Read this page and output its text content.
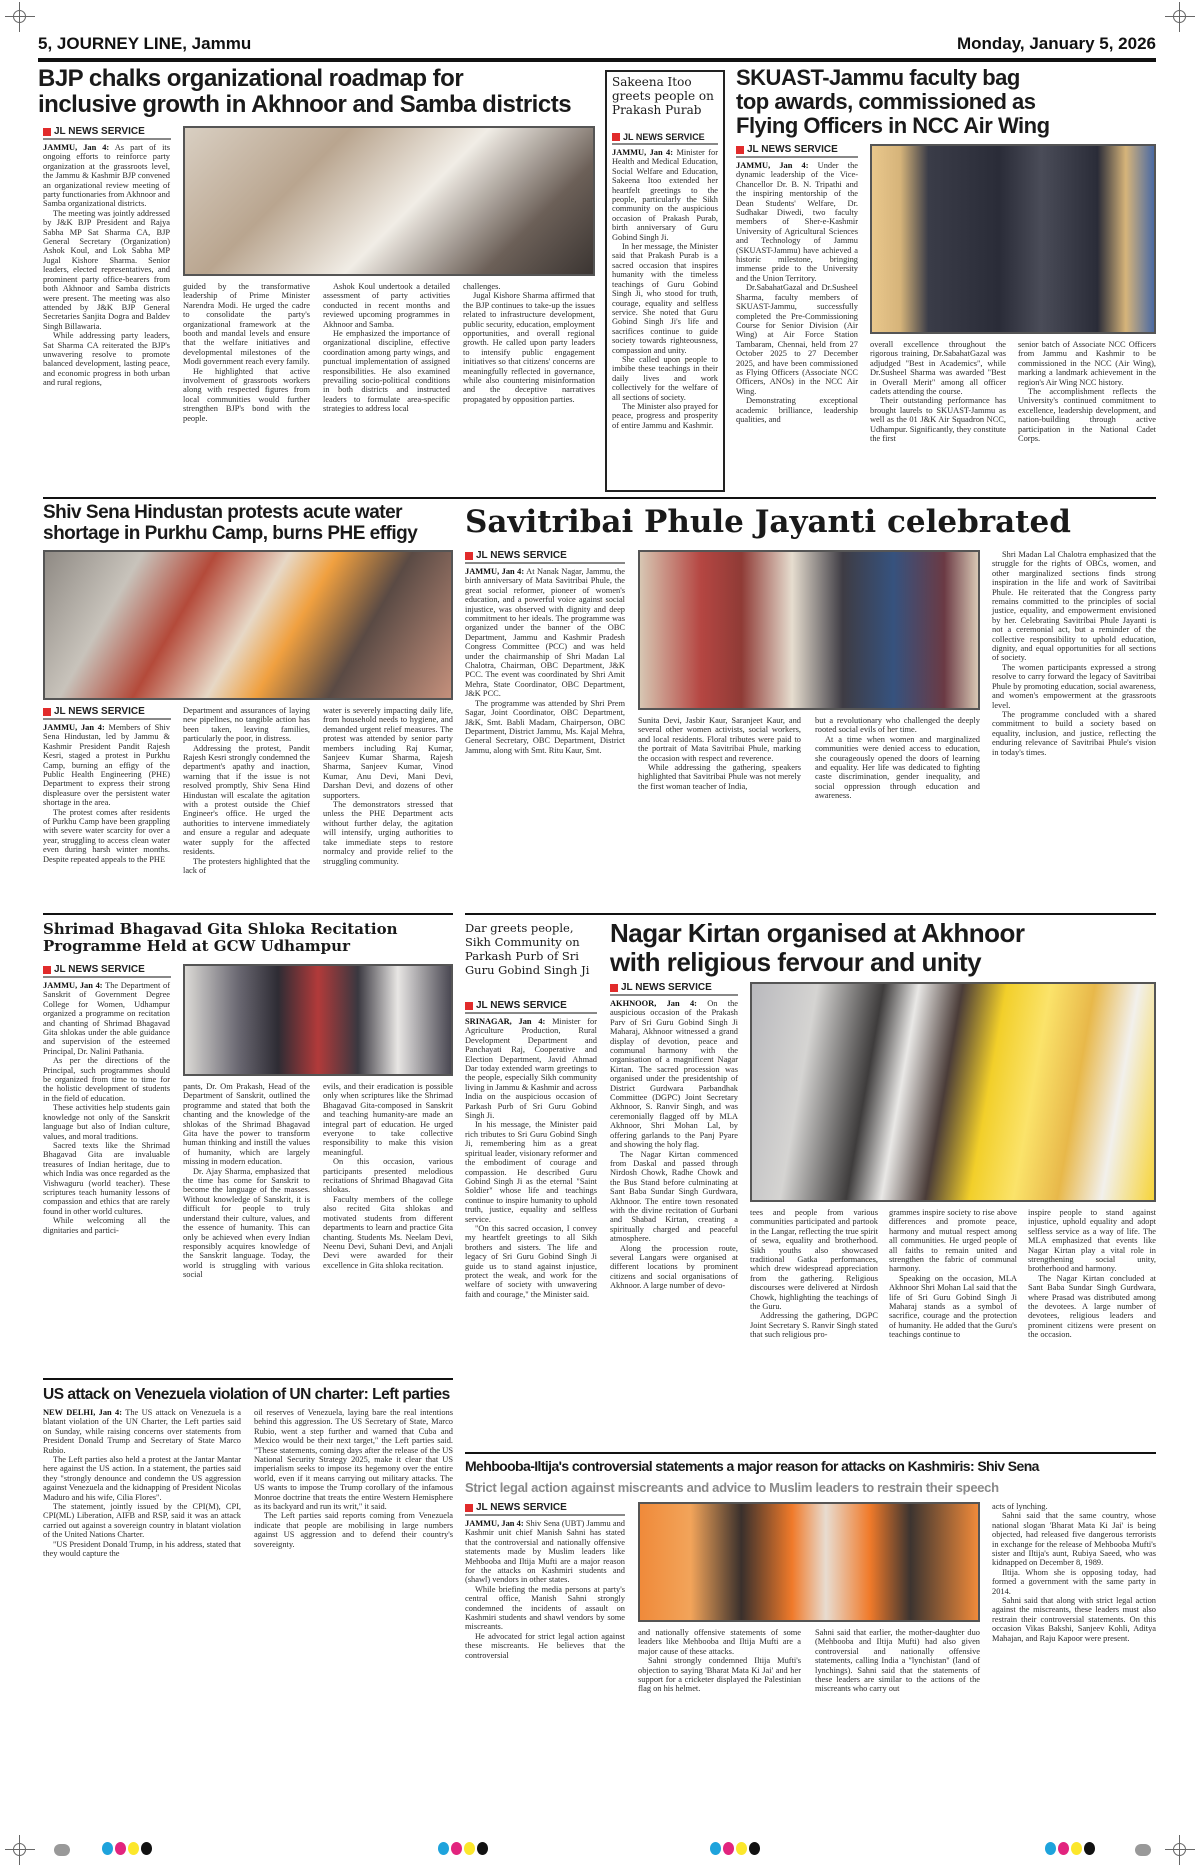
5, JOURNEY LINE, Jammu	Monday, January 5, 2026
BJP chalks organizational roadmap for
inclusive growth in Akhnoor and Samba districts
JL NEWS SERVICE

JAMMU, Jan 4: As part of its ongoing efforts to reinforce party organization at the grassroots level, the Jammu & Kashmir BJP convened an organizational review meeting of party functionaries from Akhnoor and Samba organizational districts.

The meeting was jointly addressed by J&K BJP President and Rajya Sabha MP Sat Sharma CA, BJP General Secretary (Organization) Ashok Koul, and Lok Sabha MP Jugal Kishore Sharma. Senior leaders, elected representatives, and prominent party office-bearers from both Akhnoor and Samba districts were present. The meeting was also attended by J&K BJP General Secretaries Sanjita Dogra and Baldev Singh Billawaria.

While addressing party leaders, Sat Sharma CA reiterated the BJP's unwavering resolve to promote balanced development, lasting peace, and economic progress in both urban and rural regions,

guided by the transformative leadership of Prime Minister Narendra Modi. He urged the cadre to consolidate the party's organizational framework at the booth and mandal levels and ensure that the welfare initiatives and developmental milestones of the Modi government reach every family.

He highlighted that active involvement of grassroots workers along with respected figures from local communities would further strengthen BJP's bond with the people.

Ashok Koul undertook a detailed assessment of party activities conducted in recent months and reviewed upcoming programmes in Akhnoor and Samba.

He emphasized the importance of organizational discipline, effective coordination among party wings, and punctual implementation of assigned responsibilities. He also examined prevailing socio-political conditions in both districts and instructed leaders to formulate area-specific strategies to address local

challenges.

Jugal Kishore Sharma affirmed that the BJP continues to take-up the issues related to infrastructure development, public security, education, employment opportunities, and overall regional growth. He called upon party leaders to intensify public engagement initiatives so that citizens' concerns are meaningfully reflected in governance, while also countering misinformation and the deceptive narratives propagated by opposition parties.

Sakeena Itoo greets people on Prakash Purab
JL NEWS SERVICE

JAMMU, Jan 4: Minister for Health and Medical Education, Social Welfare and Education, Sakeena Itoo extended her heartfelt greetings to the people, particularly the Sikh community on the auspicious occasion of Prakash Purab, birth anniversary of Guru Gobind Singh Ji.

In her message, the Minister said that Prakash Purab is a sacred occasion that inspires humanity with the timeless teachings of Guru Gobind Singh Ji, who stood for truth, courage, equality and selfless service. She noted that Guru Gobind Singh Ji's life and sacrifices continue to guide society towards righteousness, compassion and unity.

She called upon people to imbibe these teachings in their daily lives and work collectively for the welfare of all sections of society.

The Minister also prayed for peace, progress and prosperity of entire Jammu and Kashmir.

SKUAST-Jammu faculty bag
top awards, commissioned as
Flying Officers in NCC Air Wing
JL NEWS SERVICE

JAMMU, Jan 4: Under the dynamic leadership of the Vice-Chancellor Dr. B. N. Tripathi and the inspiring mentorship of the Dean Students' Welfare, Dr. Sudhakar Diwedi, two faculty members of Sher-e-Kashmir University of Agricultural Sciences and Technology of Jammu (SKUAST-Jammu) have achieved a historic milestone, bringing immense pride to the University and the Union Territory.

Dr.SabahatGazal and Dr.Susheel Sharma, faculty members of SKUAST-Jammu, successfully completed the Pre-Commissioning Course for Senior Division (Air Wing) at Air Force Station Tambaram, Chennai, held from 27 October 2025 to 27 December 2025, and have been commissioned as Flying Officers (Associate NCC Officers, ANOs) in the NCC Air Wing.

Demonstrating exceptional academic brilliance, leadership qualities, and

overall excellence throughout the rigorous training, Dr.SabahatGazal was adjudged "Best in Academics", while Dr.Susheel Sharma was awarded "Best in Overall Merit" among all officer cadets attending the course.

Their outstanding performance has brought laurels to SKUAST-Jammu as well as the 01 J&K Air Squadron NCC, Udhampur. Significantly, they constitute the first

senior batch of Associate NCC Officers from Jammu and Kashmir to be commissioned in the NCC (Air Wing), marking a landmark achievement in the region's Air Wing NCC history.

The accomplishment reflects the University's continued commitment to excellence, leadership development, and nation-building through active participation in the National Cadet Corps.

Shiv Sena Hindustan protests acute water
shortage in Purkhu Camp, burns PHE effigy
JL NEWS SERVICE

JAMMU, Jan 4: Members of Shiv Sena Hindustan, led by Jammu & Kashmir President Pandit Rajesh Kesri, staged a protest in Purkhu Camp, burning an effigy of the Public Health Engineering (PHE) Department to express their strong displeasure over the persistent water shortage in the area.

The protest comes after residents of Purkhu Camp have been grappling with severe water scarcity for over a year, struggling to access clean water even during harsh winter months. Despite repeated appeals to the PHE

Department and assurances of laying new pipelines, no tangible action has been taken, leaving families, particularly the poor, in distress.

Addressing the protest, Pandit Rajesh Kesri strongly condemned the department's apathy and inaction, warning that if the issue is not resolved promptly, Shiv Sena Hind Hindustan will escalate the agitation with a protest outside the Chief Engineer's office. He urged the authorities to intervene immediately and ensure a regular and adequate water supply for the affected residents.

The protesters highlighted that the lack of

water is severely impacting daily life, from household needs to hygiene, and demanded urgent relief measures. The protest was attended by senior party members including Raj Kumar, Sanjeev Kumar Sharma, Rajesh Sharma, Sanjeev Kumar, Vinod Kumar, Anu Devi, Mani Devi, Darshan Devi, and dozens of other supporters.

The demonstrators stressed that unless the PHE Department acts without further delay, the agitation will intensify, urging authorities to take immediate steps to restore normalcy and provide relief to the struggling community.

Savitribai Phule Jayanti celebrated
JL NEWS SERVICE

JAMMU, Jan 4: At Nanak Nagar, Jammu, the birth anniversary of Mata Savitribai Phule, the great social reformer, pioneer of women's education, and a powerful voice against social injustice, was observed with dignity and deep commitment to her ideals. The programme was organized under the banner of the OBC Department, Jammu and Kashmir Pradesh Congress Committee (PCC) and was held under the chairmanship of Shri Madan Lal Chalotra, Chairman, OBC Department, J&K PCC. The event was coordinated by Shri Amit Mehra, State Coordinator, OBC Department, J&K PCC.

The programme was attended by Shri Prem Sagar, Joint Coordinator, OBC Department, J&K, Smt. Babli Madam, Chairperson, OBC Department, District Jammu, Ms. Kajal Mehra, General Secretary, OBC Department, District Jammu, along with Smt. Ritu Kaur, Smt.

Sunita Devi, Jasbir Kaur, Saranjeet Kaur, and several other women activists, social workers, and local residents. Floral tributes were paid to the portrait of Mata Savitribai Phule, marking the occasion with respect and reverence.

While addressing the gathering, speakers highlighted that Savitribai Phule was not merely the first woman teacher of India,

but a revolutionary who challenged the deeply rooted social evils of her time.

At a time when women and marginalized communities were denied access to education, she courageously opened the doors of learning and equality. Her life was dedicated to fighting caste discrimination, gender inequality, and social oppression through education and awareness.

Shri Madan Lal Chalotra emphasized that the struggle for the rights of OBCs, women, and other marginalized sections finds strong inspiration in the life and work of Savitribai Phule. He reiterated that the Congress party remains committed to the principles of social justice, equality, and empowerment envisioned by her. Celebrating Savitribai Phule Jayanti is not a ceremonial act, but a reminder of the collective responsibility to uphold education, dignity, and equal opportunities for all sections of society.

The women participants expressed a strong resolve to carry forward the legacy of Savitribai Phule by promoting education, social awareness, and women's empowerment at the grassroots level.

The programme concluded with a shared commitment to build a society based on equality, inclusion, and justice, reflecting the enduring relevance of Savitribai Phule's vision in today's times.

Shrimad Bhagavad Gita Shloka Recitation
Programme Held at GCW Udhampur
JL NEWS SERVICE

JAMMU, Jan 4: The Department of Sanskrit of Government Degree College for Women, Udhampur organized a programme on recitation and chanting of Shrimad Bhagavad Gita shlokas under the able guidance and supervision of the esteemed Principal, Dr. Nalini Pathania.

As per the directions of the Principal, such programmes should be organized from time to time for the holistic development of students in the field of education.

These activities help students gain knowledge not only of the Sanskrit language but also of Indian culture, values, and moral traditions.

Sacred texts like the Shrimad Bhagavad Gita are invaluable treasures of Indian heritage, due to which India was once regarded as the Vishwaguru (world teacher). These scriptures teach humanity lessons of compassion and ethics that are rarely found in other world cultures.

While welcoming all the dignitaries and partici-

pants, Dr. Om Prakash, Head of the Department of Sanskrit, outlined the programme and stated that both the chanting and the knowledge of the shlokas of the Shrimad Bhagavad Gita have the power to transform human thinking and instill the values of humanity, which are largely missing in modern education.

Dr. Ajay Sharma, emphasized that the time has come for Sanskrit to become the language of the masses. Without knowledge of Sanskrit, it is difficult for people to truly understand their culture, values, and the essence of humanity. This can only be achieved when every Indian responsibly acquires knowledge of the Sanskrit language. Today, the world is struggling with various social

evils, and their eradication is possible only when scriptures like the Shrimad Bhagavad Gita-composed in Sanskrit and teaching humanity-are made an integral part of education. He urged everyone to take collective responsibility to make this vision meaningful.

On this occasion, various participants presented melodious recitations of Shrimad Bhagavad Gita shlokas.

Faculty members of the college also recited Gita shlokas and motivated students from different departments to learn and practice Gita chanting. Students Ms. Neelam Devi, Neenu Devi, Suhani Devi, and Anjali Devi were awarded for their excellence in Gita shloka recitation.

Dar greets people, Sikh Community on Parkash Purb of Sri Guru Gobind Singh Ji
JL NEWS SERVICE

SRINAGAR, Jan 4: Minister for Agriculture Production, Rural Development Department and Panchayati Raj, Cooperative and Election Department, Javid Ahmad Dar today extended warm greetings to the people, especially Sikh community living in Jammu & Kashmir and across India on the auspicious occasion of Parkash Purb of Sri Guru Gobind Singh Ji.

In his message, the Minister paid rich tributes to Sri Guru Gobind Singh Ji, remembering him as a great spiritual leader, visionary reformer and the embodiment of courage and compassion. He described Guru Gobind Singh Ji as the eternal "Saint Soldier" whose life and teachings continue to inspire humanity to uphold truth, justice, equality and selfless service.

"On this sacred occasion, I convey my heartfelt greetings to all Sikh brothers and sisters. The life and legacy of Sri Guru Gobind Singh Ji guide us to stand against injustice, protect the weak, and work for the welfare of society with unwavering faith and courage," the Minister said.

Nagar Kirtan organised at Akhnoor
with religious fervour and unity
JL NEWS SERVICE

AKHNOOR, Jan 4: On the auspicious occasion of the Prakash Parv of Sri Guru Gobind Singh Ji Maharaj, Akhnoor witnessed a grand display of devotion, peace and communal harmony with the organisation of a magnificent Nagar Kirtan. The sacred procession was organised under the presidentship of District Gurdwara Parbandhak Committee (DGPC) Joint Secretary Akhnoor, S. Ranvir Singh, and was ceremonially flagged off by MLA Akhnoor, Shri Mohan Lal, by offering garlands to the Panj Pyare and showing the holy flag.

The Nagar Kirtan commenced from Daskal and passed through Nirdosh Chowk, Radhe Chowk and the Bus Stand before culminating at Sant Baba Sundar Singh Gurdwara, Akhnoor. The entire town resonated with the divine recitation of Gurbani and Shabad Kirtan, creating a spiritually charged and peaceful atmosphere.

Along the procession route, several Langars were organised at different locations by prominent citizens and social organisations of Akhnoor. A large number of devo-

tees and people from various communities participated and partook in the Langar, reflecting the true spirit of sewa, equality and brotherhood. Sikh youths also showcased traditional Gatka performances, which drew widespread appreciation from the gathering. Religious discourses were delivered at Nirdosh Chowk, highlighting the teachings of the Guru.

Addressing the gathering, DGPC Joint Secretary S. Ranvir Singh stated that such religious pro-

grammes inspire society to rise above differences and promote peace, harmony and mutual respect among all communities. He urged people of all faiths to remain united and strengthen the fabric of communal harmony.

Speaking on the occasion, MLA Akhnoor Shri Mohan Lal said that the life of Sri Guru Gobind Singh Ji Maharaj stands as a symbol of sacrifice, courage and the protection of humanity. He added that the Guru's teachings continue to

inspire people to stand against injustice, uphold equality and adopt selfless service as a way of life. The MLA emphasized that events like Nagar Kirtan play a vital role in strengthening social unity, brotherhood and harmony.

The Nagar Kirtan concluded at Sant Baba Sundar Singh Gurdwara, where Prasad was distributed among the devotees. A large number of devotees, religious leaders and prominent citizens were present on the occasion.

US attack on Venezuela violation of UN charter: Left parties

NEW DELHI, Jan 4: The US attack on Venezuela is a blatant violation of the UN Charter, the Left parties said on Sunday, while raising concerns over statements from President Donald Trump and Secretary of State Marco Rubio.

The Left parties also held a protest at the Jantar Mantar here against the US action. In a statement, the parties said they "strongly denounce and condemn the US aggression against Venezuela and the kidnapping of President Nicolas Maduro and his wife, Cilia Flores".

The statement, jointly issued by the CPI(M), CPI, CPI(ML) Liberation, AIFB and RSP, said it was an attack carried out against a sovereign country in blatant violation of the United Nations Charter.

"US President Donald Trump, in his address, stated that they would capture the

oil reserves of Venezuela, laying bare the real intentions behind this aggression. The US Secretary of State, Marco Rubio, went a step further and warned that Cuba and Mexico would be their next target," the Left parties said. "These statements, coming days after the release of the US National Security Strategy 2025, make it clear that US imperialism seeks to impose its hegemony over the entire world, even if it means carrying out military attacks. The US wants to impose the Trump corollary of the infamous Monroe doctrine that treats the entire Western Hemisphere as its backyard and run its writ," it said.

The Left parties said reports coming from Venezuela indicate that people are mobilising in large numbers against US aggression and to defend their country's sovereignty.

Mehbooba-Iltija's controversial statements a major reason for attacks on Kashmiris: Shiv Sena
Strict legal action against miscreants and advice to Muslim leaders to restrain their speech
JL NEWS SERVICE

JAMMU, Jan 4: Shiv Sena (UBT) Jammu and Kashmir unit chief Manish Sahni has stated that the controversial and nationally offensive statements made by Muslim leaders like Mehbooba and Iltija Mufti are a major reason for the attacks on Kashmiri students and (shawl) vendors in other states.

While briefing the media persons at party's central office, Manish Sahni strongly condemned the incidents of assault on Kashmiri students and shawl vendors by some miscreants.

He advocated for strict legal action against these miscreants. He believes that the controversial

and nationally offensive statements of some leaders like Mehbooba and Iltija Mufti are a major cause of these attacks.

Sahni strongly condemned Iltija Mufti's objection to saying 'Bharat Mata Ki Jai' and her support for a cricketer displayed the Palestinian flag on his helmet.

Sahni said that earlier, the mother-daughter duo (Mehbooba and Iltija Mufti) had also given controversial and nationally offensive statements, calling India a "lynchistan" (land of lynchings). Sahni said that the statements of these leaders are similar to the actions of the miscreants who carry out

acts of lynching.

Sahni said that the same country, whose national slogan 'Bharat Mata Ki Jai' is being objected, had released five dangerous terrorists in exchange for the release of Mehbooba Mufti's sister and Iltija's aunt, Rubiya Saeed, who was kidnapped on December 8, 1989.

Iltija. Whom she is opposing today, had formed a government with the same party in 2014.

Sahni said that along with strict legal action against the miscreants, these leaders must also restrain their controversial statements. On this occasion Vikas Bakshi, Sanjeev Kohli, Aditya Mahajan, and Raju Kapoor were present.
